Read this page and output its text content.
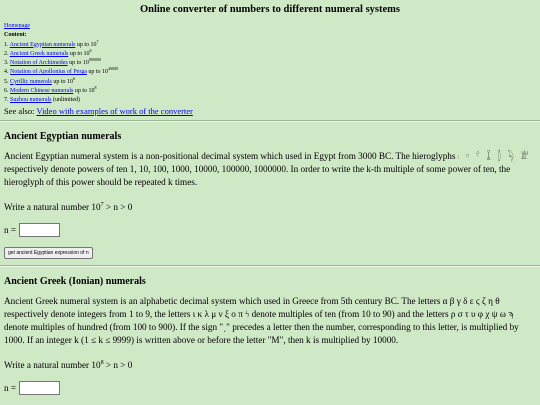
Online converter of numbers to different numeral systems
Homepage
Content:
1. Ancient Egyptian numerals up to $10^7$
2. Ancient Greek numerals up to $10^8$
3. Notation of Archimedes up to $10^{800000}$
4. Notation of Apollonius of Perga up to $10^{40000}$
5. Cyrillic numerals up to $10^6$
6. Modern Chinese numerals up to $10^8$
7. Suzhou numerals (unlimited)
See also: Video with examples of work of the converter
Ancient Egyptian numerals

Ancient Egyptian numeral system is a non-positional decimal system which used in Egypt from 3000 BC. The hieroglyphs 𓏺 𓎆 𓍢 𓆼 𓂭 𓆐 𓁨 respectively denote powers of ten 1, 10, 100, 1000, 10000, 100000, 1000000. In order to write the k-th multiple of some power of ten, the hieroglyph of this power should be repeated k times.

Write a natural number $10^7 > n > 0$
n =
get ancient Egyptian expression of n
Ancient Greek (Ionian) numerals

Ancient Greek numeral system is an alphabetic decimal system which used in Greece from 5th century BC. The letters α β γ δ ε ϛ ζ η θ respectively denote integers from 1 to 9, the letters ι κ λ μ ν ξ ο π ϟ denote multiples of ten (from 10 to 90) and the letters ρ σ τ υ φ χ ψ ω ϡ denote multiples of hundred (from 100 to 900). If the sign "͵" precedes a letter then the number, corresponding to this letter, is multiplied by 1000. If an integer k (1 ≤ k ≤ 9999) is written above or before the letter "M", then k is multiplied by 10000.

Write a natural number $10^8 > n > 0$
n =
